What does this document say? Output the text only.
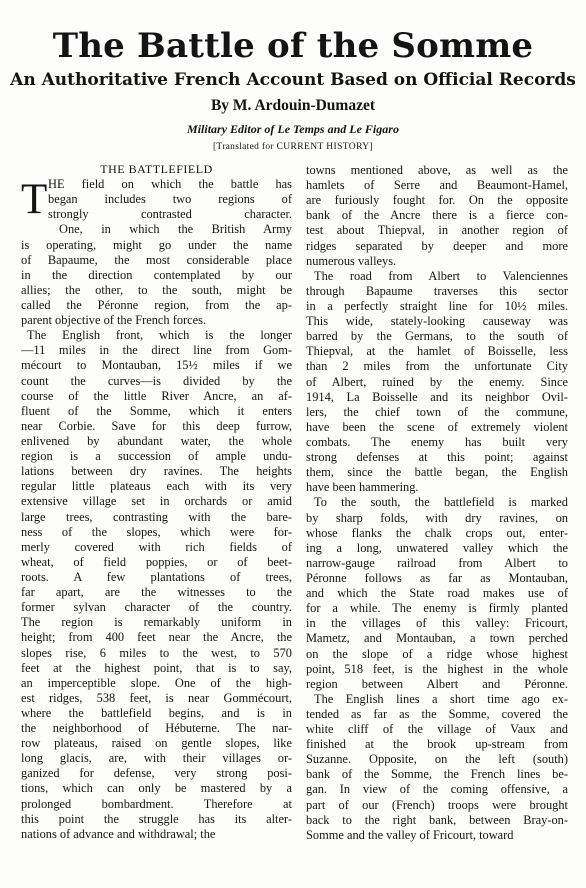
The Battle of the Somme
An Authoritative French Account Based on Official Records
By M. Ardouin-Dumazet
Military Editor of Le Temps and Le Figaro
[Translated for CURRENT HISTORY]
THE BATTLEFIELD
T HE field on which the battle has
began includes two regions of
strongly contrasted character.
One, in which the British Army
is operating, might go under the name
of Bapaume, the most considerable place
in the direction contemplated by our
allies; the other, to the south, might be
called the Péronne region, from the ap-
parent objective of the French forces.
The English front, which is the longer
—11 miles in the direct line from Gom-
mécourt to Montauban, 15½ miles if we
count the curves—is divided by the
course of the little River Ancre, an af-
fluent of the Somme, which it enters
near Corbie. Save for this deep furrow,
enlivened by abundant water, the whole
region is a succession of ample undu-
lations between dry ravines. The heights
regular little plateaus each with its very
extensive village set in orchards or amid
large trees, contrasting with the bare-
ness of the slopes, which were for-
merly covered with rich fields of
wheat, of field poppies, or of beet-
roots. A few plantations of trees,
far apart, are the witnesses to the
former sylvan character of the country.
The region is remarkably uniform in
height; from 400 feet near the Ancre, the
slopes rise, 6 miles to the west, to 570
feet at the highest point, that is to say,
an imperceptible slope. One of the high-
est ridges, 538 feet, is near Gommécourt,
where the battlefield begins, and is in
the neighborhood of Hébuterne. The nar-
row plateaus, raised on gentle slopes, like
long glacis, are, with their villages or-
ganized for defense, very strong posi-
tions, which can only be mastered by a
prolonged bombardment. Therefore at
this point the struggle has its alter-
nations of advance and withdrawal; the
towns mentioned above, as well as the
hamlets of Serre and Beaumont-Hamel,
are furiously fought for. On the opposite
bank of the Ancre there is a fierce con-
test about Thiepval, in another region of
ridges separated by deeper and more
numerous valleys.
The road from Albert to Valenciennes
through Bapaume traverses this sector
in a perfectly straight line for 10½ miles.
This wide, stately-looking causeway was
barred by the Germans, to the south of
Thiepval, at the hamlet of Boisselle, less
than 2 miles from the unfortunate City
of Albert, ruined by the enemy. Since
1914, La Boisselle and its neighbor Ovil-
lers, the chief town of the commune,
have been the scene of extremely violent
combats. The enemy has built very
strong defenses at this point; against
them, since the battle began, the English
have been hammering.
To the south, the battlefield is marked
by sharp folds, with dry ravines, on
whose flanks the chalk crops out, enter-
ing a long, unwatered valley which the
narrow-gauge railroad from Albert to
Péronne follows as far as Montauban,
and which the State road makes use of
for a while. The enemy is firmly planted
in the villages of this valley: Fricourt,
Mametz, and Montauban, a town perched
on the slope of a ridge whose highest
point, 518 feet, is the highest in the whole
region between Albert and Péronne.
The English lines a short time ago ex-
tended as far as the Somme, covered the
white cliff of the village of Vaux and
finished at the brook up-stream from
Suzanne. Opposite, on the left (south)
bank of the Somme, the French lines be-
gan. In view of the coming offensive, a
part of our (French) troops were brought
back to the right bank, between Bray-on-
Somme and the valley of Fricourt, toward
